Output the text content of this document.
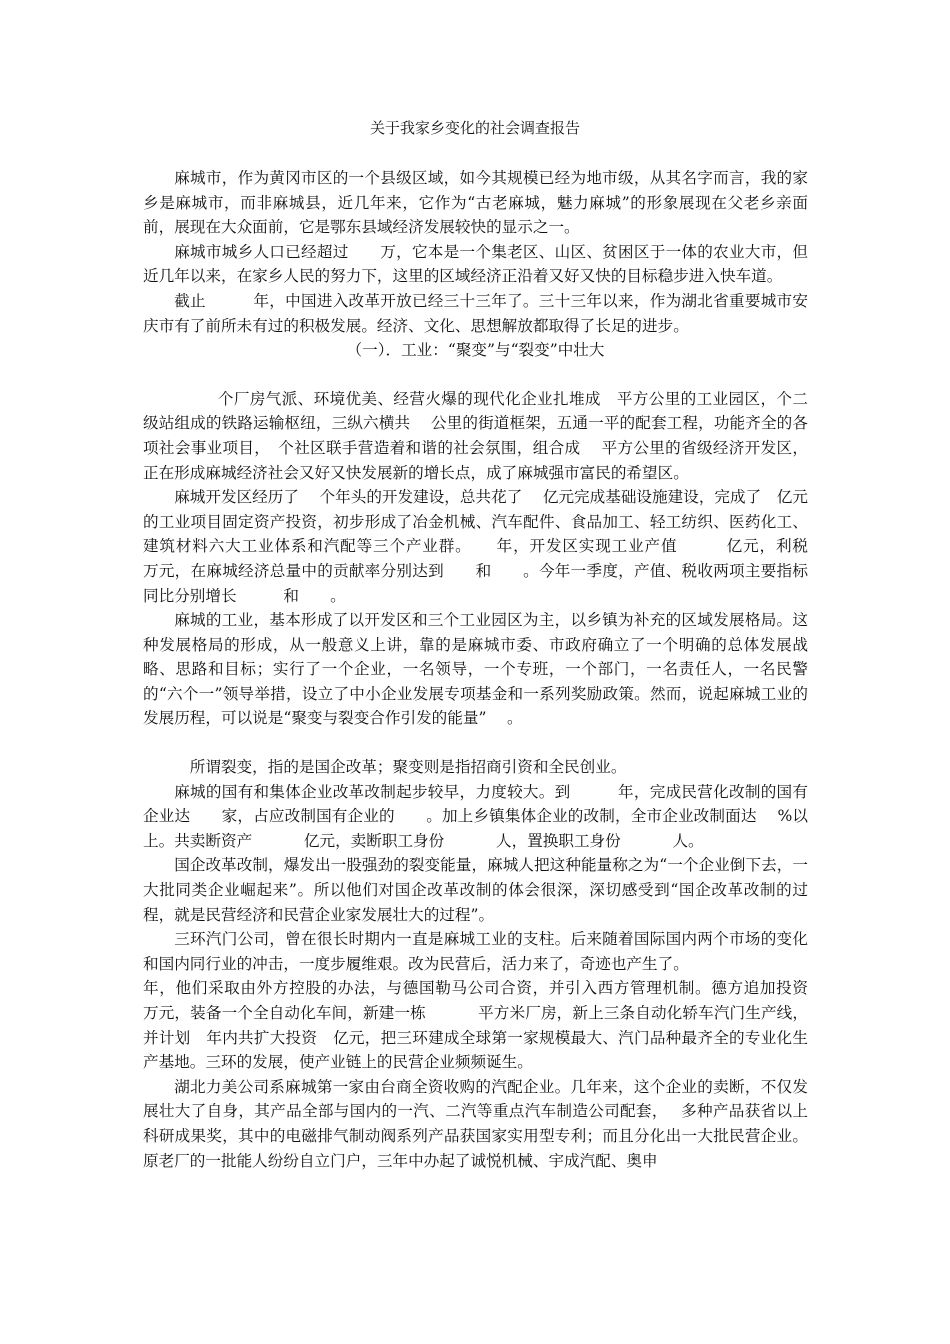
关于我家乡变化的社会调查报告

麻城市，作为黄冈市区的一个县级区域，如今其规模已经为地市级，从其名字而言，我的家乡是麻城市，而非麻城县，近几年来，它作为“古老麻城，魅力麻城”的形象展现在父老乡亲面前，展现在大众面前，它是鄂东县域经济发展较快的显示之一。

麻城市城乡人口已经超过　　万，它本是一个集老区、山区、贫困区于一体的农业大市，但近几年以来，在家乡人民的努力下，这里的区域经济正沿着又好又快的目标稳步进入快车道。

截止　　　年，中国进入改革开放已经三十三年了。三十三年以来，作为湖北省重要城市安庆市有了前所未有过的积极发展。经济、文化、思想解放都取得了长足的进步。

（一）．工业：“聚变”与“裂变”中壮大

个厂房气派、环境优美、经营火爆的现代化企业扎堆成　平方公里的工业园区，个二级站组成的铁路运输枢纽，三纵六横共　 公里的街道框架，五通一平的配套工程，功能齐全的各项社会事业项目，　个社区联手营造着和谐的社会氛围，组合成　 平方公里的省级经济开发区，正在形成麻城经济社会又好又快发展新的增长点，成了麻城强市富民的希望区。

麻城开发区经历了　 个年头的开发建设，总共花了　 亿元完成基础设施建设，完成了　亿元的工业项目固定资产投资，初步形成了冶金机械、汽车配件、食品加工、轻工纺织、医药化工、建筑材料六大工业体系和汽配等三个产业群。　　年，开发区实现工业产值　　　亿元，利税　　　万元，在麻城经济总量中的贡献率分别达到　　和　　。今年一季度，产值、税收两项主要指标同比分别增长　　　和　　。

麻城的工业，基本形成了以开发区和三个工业园区为主，以乡镇为补充的区域发展格局。这种发展格局的形成，从一般意义上讲，靠的是麻城市委、市政府确立了一个明确的总体发展战略、思路和目标；实行了一个企业，一名领导，一个专班，一个部门，一名责任人，一名民警的“六个一”领导举措，设立了中小企业发展专项基金和一系列奖励政策。然而，说起麻城工业的发展历程，可以说是“聚变与裂变合作引发的能量”　 。

所谓裂变，指的是国企改革；聚变则是指招商引资和全民创业。

麻城的国有和集体企业改革改制起步较早，力度较大。到　　　年，完成民营化改制的国有企业达　　家，占应改制国有企业的　　。加上乡镇集体企业的改制，全市企业改制面达　 %以上。共卖断资产　　　 亿元，卖断职工身份　　　 人，置换职工身份　　　 人。

国企改革改制，爆发出一股强劲的裂变能量，麻城人把这种能量称之为“一个企业倒下去，一大批同类企业崛起来”。所以他们对国企改革改制的体会很深，深切感受到“国企改革改制的过程，就是民营经济和民营企业家发展壮大的过程”。

三环汽门公司，曾在很长时期内一直是麻城工业的支柱。后来随着国际国内两个市场的变化和国内同行业的冲击，一度步履维艰。改为民营后，活力来了，奇迹也产生了。

年，他们采取由外方控股的办法，与德国勒马公司合资，并引入西方管理机制。德方追加投资　　 万元，装备一个全自动化车间，新建一栋　　　 平方米厂房，新上三条自动化轿车汽门生产线，并计划　年内共扩大投资　亿元，把三环建成全球第一家规模最大、汽门品种最齐全的专业化生产基地。三环的发展，使产业链上的民营企业频频诞生。

湖北力美公司系麻城第一家由台商全资收购的汽配企业。几年来，这个企业的卖断，不仅发展壮大了自身，其产品全部与国内的一汽、二汽等重点汽车制造公司配套，　 多种产品获省以上科研成果奖，其中的电磁排气制动阀系列产品获国家实用型专利；而且分化出一大批民营企业。原老厂的一批能人纷纷自立门户，三年中办起了诚悦机械、宇成汽配、奥申
